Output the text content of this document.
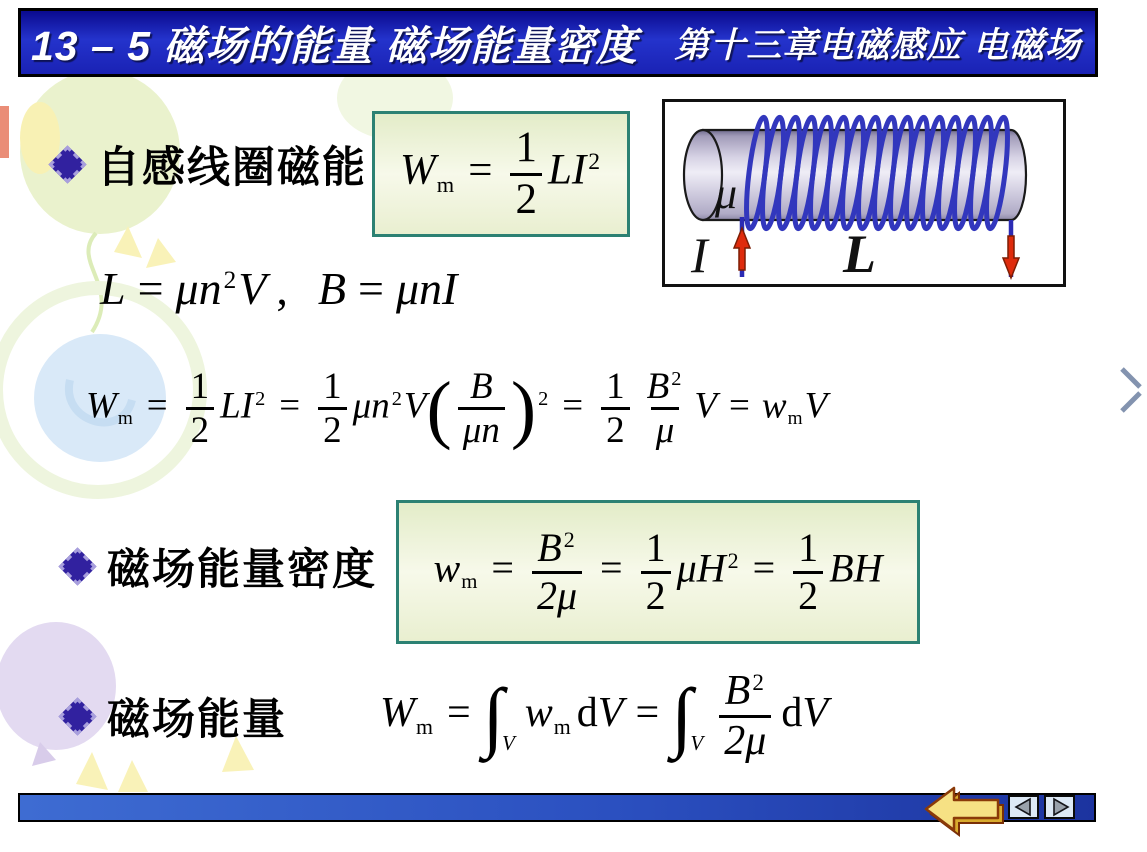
13 – 5 磁场的能量 磁场能量密度 第十三章电磁感应 电磁场
自感线圈磁能 $Wm = \frac{1}{2} LI^2$
μ
I	L
$L = \mu n^2V$ , B = μnI
$Wm = \frac{1}{2} LI^2 = \frac{1}{2} \mu n^2V( \frac{B}{\mu n} )^2 = \frac{1}{2} \frac{B^2}{\mu}$ V = wmV
磁场能量密度 wm = $\frac{B^2}{2\mu} = \frac{1}{2} \mu H^2 = \frac{1}{2}$ BH
磁场能量 $Wm = \int_Vwm$ dV = $\int_V \frac{B^2}{2\mu}$ dV
